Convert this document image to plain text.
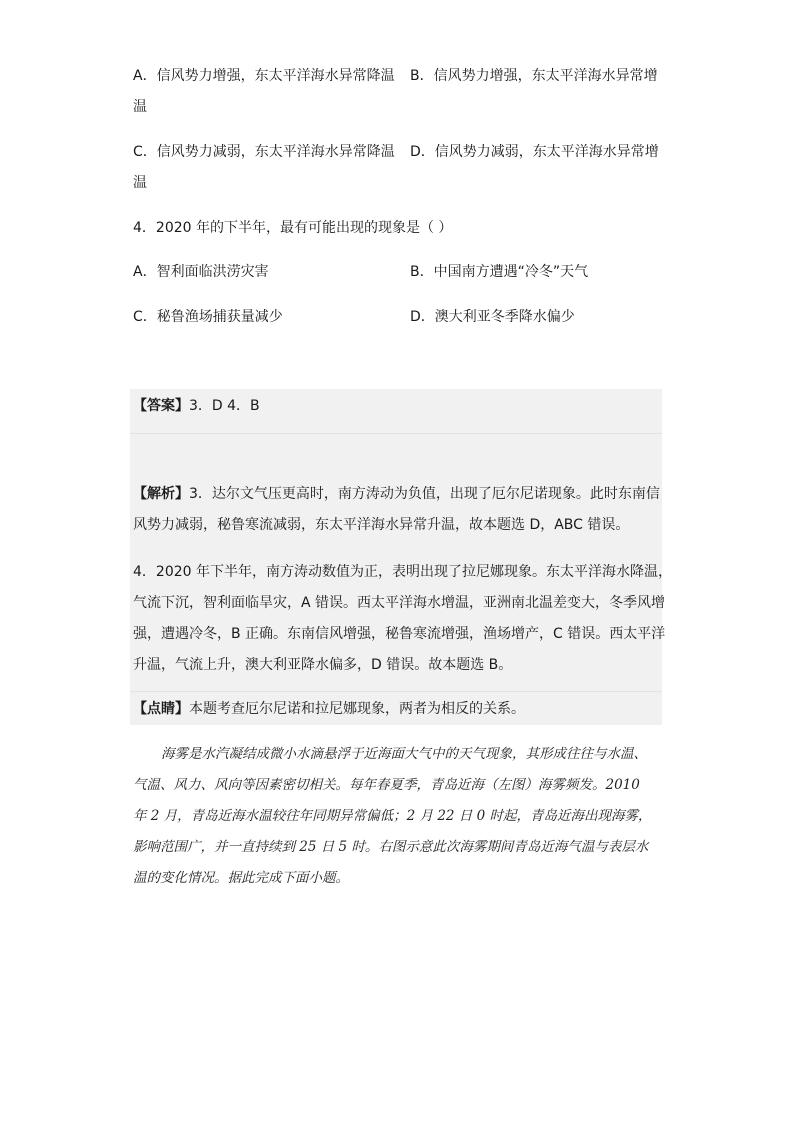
A．信风势力增强，东太平洋海水异常降温 B．信风势力增强，东太平洋海水异常增
温
C．信风势力减弱，东太平洋海水异常降温 D．信风势力减弱，东太平洋海水异常增
温
4．2020 年的下半年，最有可能出现的现象是（ ）
A．智利面临洪涝灾害	B．中国南方遭遇“冷冬”天气
C．秘鲁渔场捕获量减少	D．澳大利亚冬季降水偏少
【答案】3．D 4．B
【解析】3．达尔文气压更高时，南方涛动为负值，出现了厄尔尼诺现象。此时东南信
风势力减弱，秘鲁寒流减弱，东太平洋海水异常升温，故本题选 D，ABC 错误。
4．2020 年下半年，南方涛动数值为正，表明出现了拉尼娜现象。东太平洋海水降温，
气流下沉，智利面临旱灾，A 错误。西太平洋海水增温，亚洲南北温差变大，冬季风增
强，遭遇冷冬，B 正确。东南信风增强，秘鲁寒流增强，渔场增产，C 错误。西太平洋
升温，气流上升，澳大利亚降水偏多，D 错误。故本题选 B。
【点睛】本题考查厄尔尼诺和拉尼娜现象，两者为相反的关系。
海雾是水汽凝结成微小水滴悬浮于近海面大气中的天气现象，其形成往往与水温、
气温、风力、风向等因素密切相关。每年春夏季，青岛近海（左图）海雾频发。2010
年 2 月，青岛近海水温较往年同期异常偏低；2 月 22 日 0 时起，青岛近海出现海雾，
影响范围广，并一直持续到 25 日 5 时。右图示意此次海雾期间青岛近海气温与表层水
温的变化情况。据此完成下面小题。
